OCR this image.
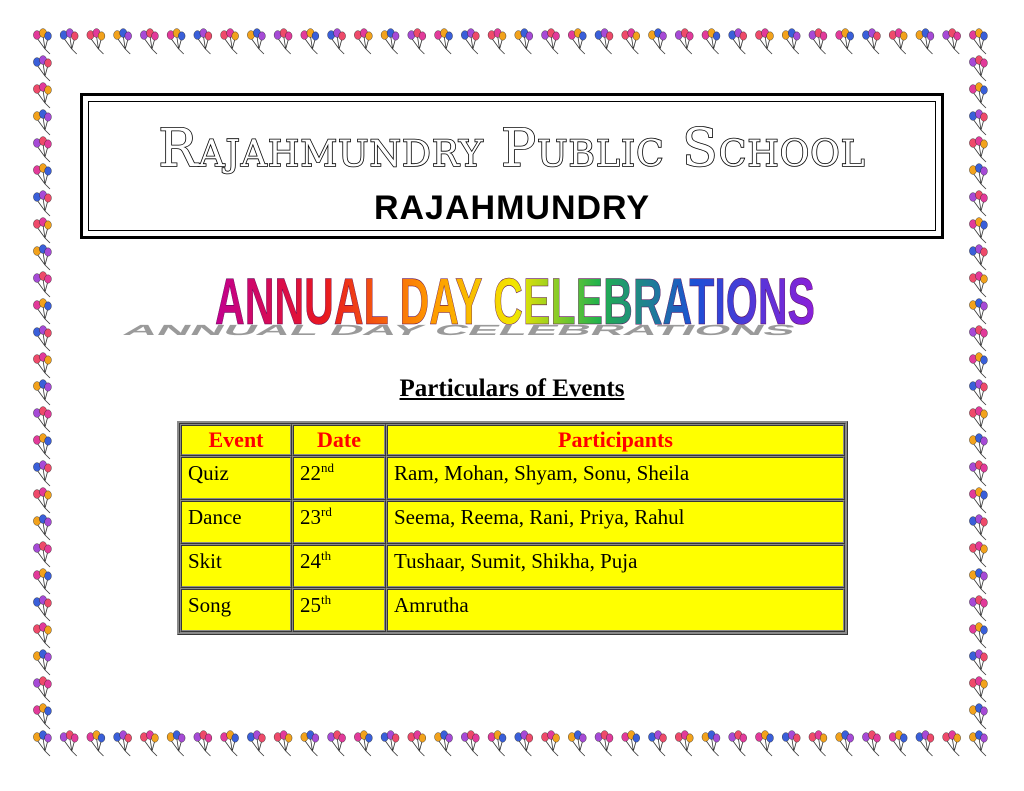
Rajahmundry Public School
RAJAHMUNDRY
ANNUAL DAY CELEBRATIONS
ANNUAL DAY CELEBRATIONS
Particulars of Events
Event	Date	Participants
Quiz	22nd	Ram, Mohan, Shyam, Sonu, Sheila
Dance	23rd	Seema, Reema, Rani, Priya, Rahul
Skit	24th	Tushaar, Sumit, Shikha, Puja
Song	25th	Amrutha
